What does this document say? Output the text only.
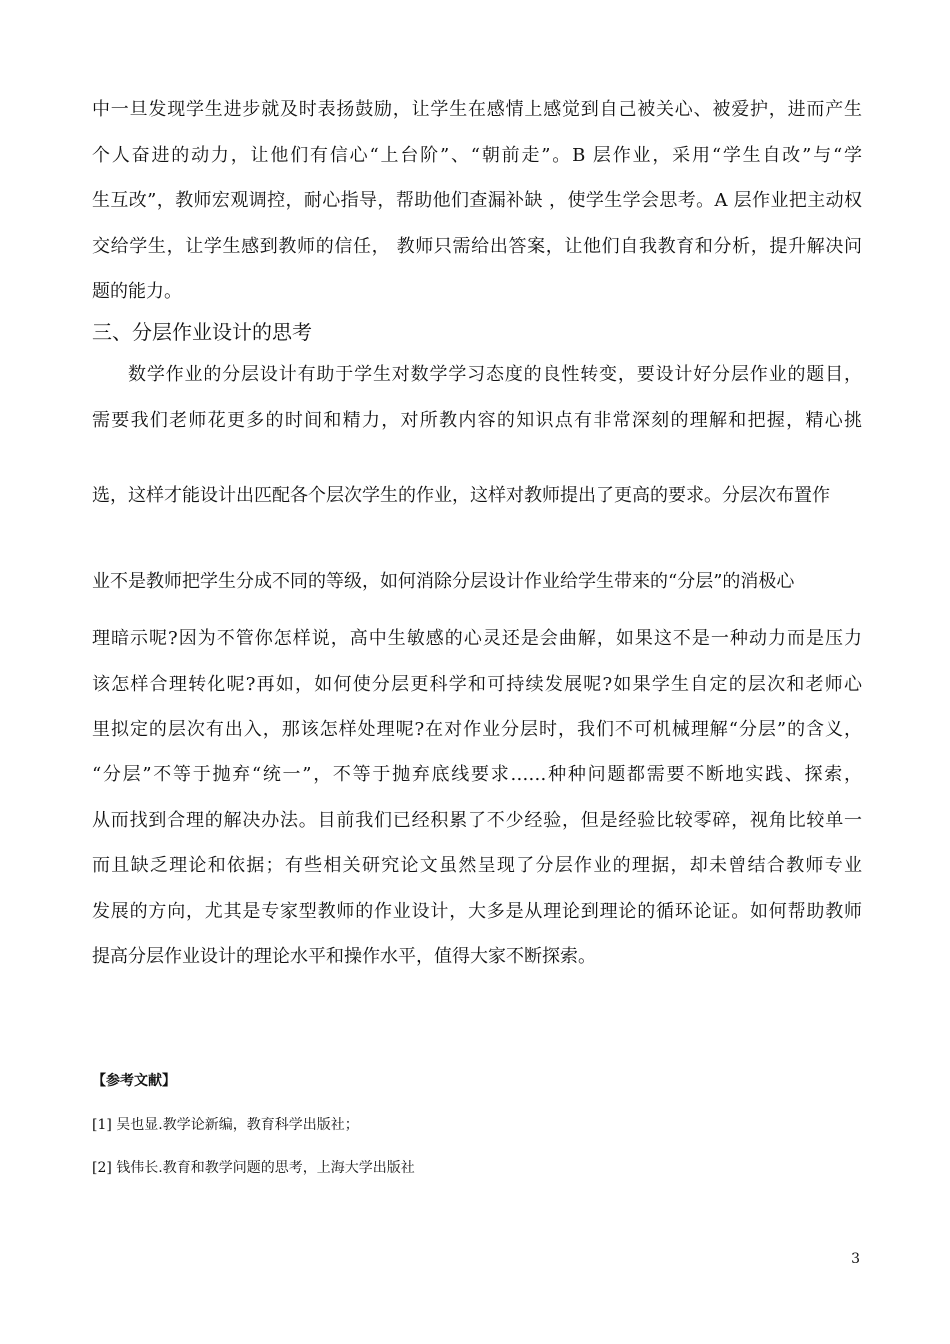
中一旦发现学生进步就及时表扬鼓励，让学生在感情上感觉到自己被关心、被爱护，进而产生
个人奋进的动力，让他们有信心“上台阶”、“朝前走”。B 层作业，采用“学生自改”与“学
生互改”，教师宏观调控，耐心指导，帮助他们查漏补缺 ，使学生学会思考。A 层作业把主动权
交给学生，让学生感到教师的信任， 教师只需给出答案，让他们自我教育和分析，提升解决问
题的能力。
三、分层作业设计的思考
数学作业的分层设计有助于学生对数学学习态度的良性转变，要设计好分层作业的题目，
需要我们老师花更多的时间和精力，对所教内容的知识点有非常深刻的理解和把握，精心挑
选，这样才能设计出匹配各个层次学生的作业，这样对教师提出了更高的要求。分层次布置作
业不是教师把学生分成不同的等级，如何消除分层设计作业给学生带来的“分层”的消极心
理暗示呢?因为不管你怎样说，高中生敏感的心灵还是会曲解，如果这不是一种动力而是压力
该怎样合理转化呢?再如，如何使分层更科学和可持续发展呢?如果学生自定的层次和老师心
里拟定的层次有出入，那该怎样处理呢?在对作业分层时，我们不可机械理解“分层”的含义，
“分层”不等于抛弃“统一”，不等于抛弃底线要求……种种问题都需要不断地实践、探索，
从而找到合理的解决办法。目前我们已经积累了不少经验，但是经验比较零碎，视角比较单一
而且缺乏理论和依据；有些相关研究论文虽然呈现了分层作业的理据，却未曾结合教师专业
发展的方向，尤其是专家型教师的作业设计，大多是从理论到理论的循环论证。如何帮助教师
提高分层作业设计的理论水平和操作水平，值得大家不断探索。
【参考文献】
[1] 吴也显.教学论新编，教育科学出版社；
[2] 钱伟长.教育和教学问题的思考，上海大学出版社
3
